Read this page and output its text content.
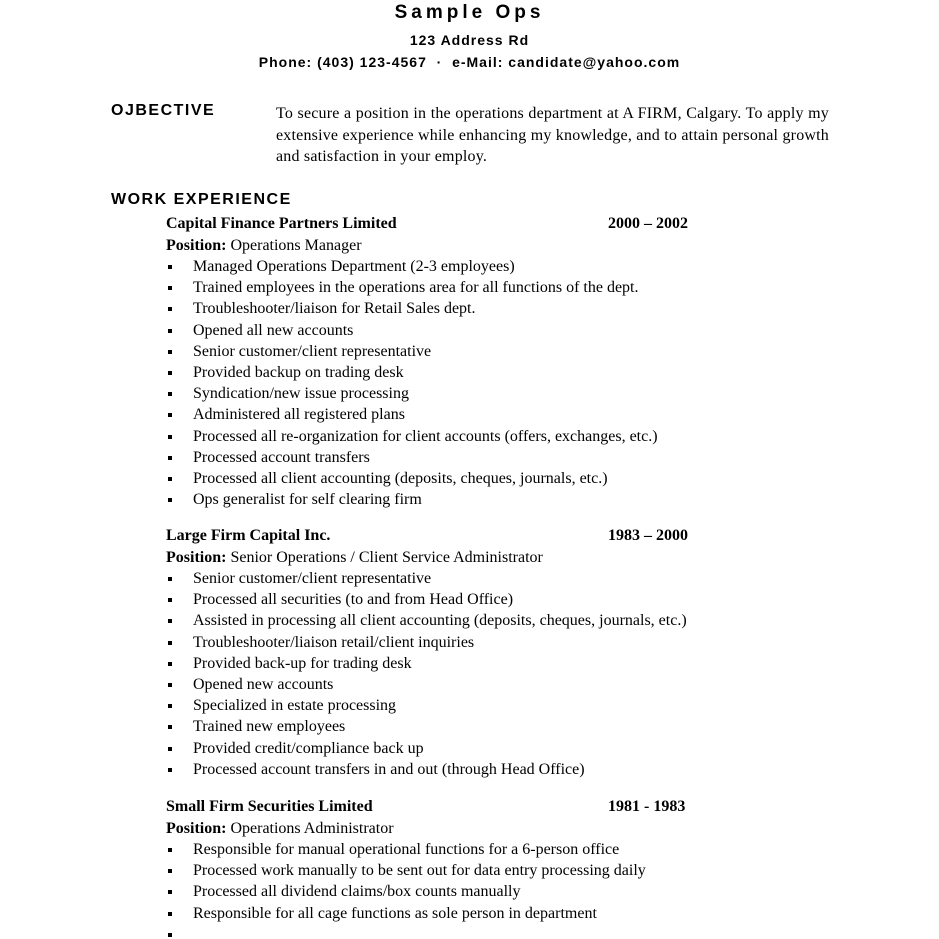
Sample Ops
123 Address Rd
Phone: (403) 123-4567  ·  e-Mail: candidate@yahoo.com
OJBECTIVE	To secure a position in the operations department at A FIRM, Calgary. To apply my extensive experience while enhancing my knowledge, and to attain personal growth and satisfaction in your employ.
WORK EXPERIENCE
Capital Finance Partners Limited	2000 – 2002
Position: Operations Manager
Managed Operations Department (2-3 employees)
Trained employees in the operations area for all functions of the dept.
Troubleshooter/liaison for Retail Sales dept.
Opened all new accounts
Senior customer/client representative
Provided backup on trading desk
Syndication/new issue processing
Administered all registered plans
Processed all re-organization for client accounts (offers, exchanges, etc.)
Processed account transfers
Processed all client accounting (deposits, cheques, journals, etc.)
Ops generalist for self clearing firm
Large Firm Capital Inc.	1983 – 2000
Position: Senior Operations / Client Service Administrator
Senior customer/client representative
Processed all securities (to and from Head Office)
Assisted in processing all client accounting (deposits, cheques, journals, etc.)
Troubleshooter/liaison retail/client inquiries
Provided back-up for trading desk
Opened new accounts
Specialized in estate processing
Trained new employees
Provided credit/compliance back up
Processed account transfers in and out (through Head Office)
Small Firm Securities Limited	1981 - 1983
Position: Operations Administrator
Responsible for manual operational functions for a 6-person office
Processed work manually to be sent out for data entry processing daily
Processed all dividend claims/box counts manually
Responsible for all cage functions as sole person in department
